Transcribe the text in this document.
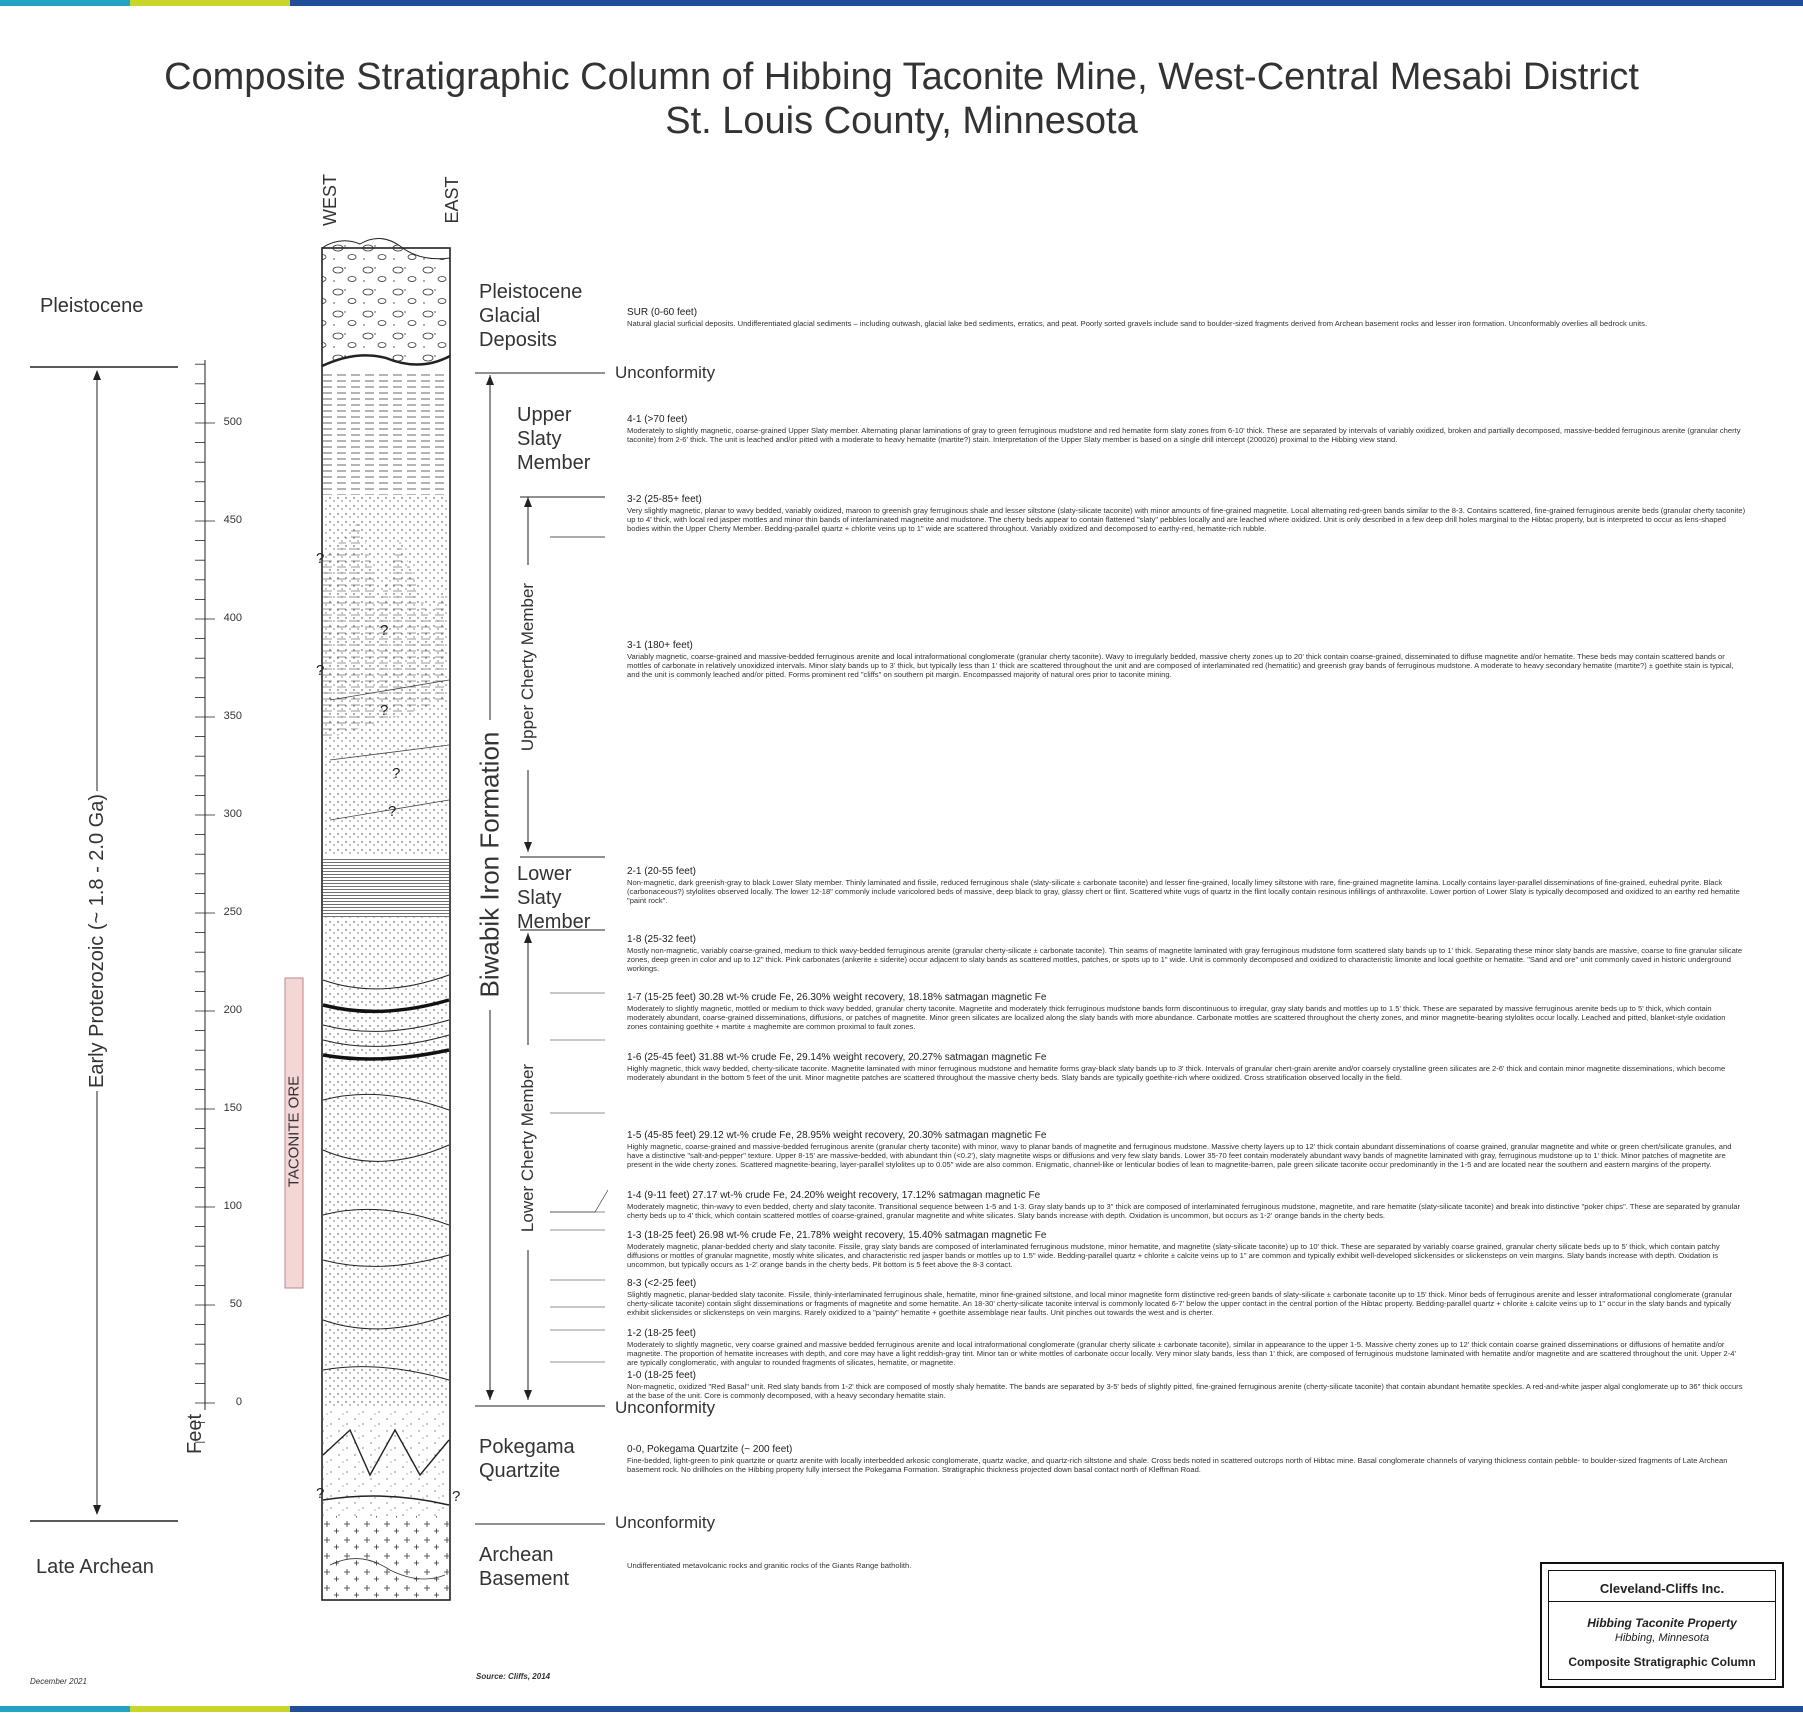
Composite Stratigraphic Column of Hibbing Taconite Mine, West-Central Mesabi District
St. Louis County, Minnesota
0
50
100
150
200
250
300
350
400
450
500
Feet
WEST	EAST
Pleistocene
Early Proterozoic (~ 1.8 - 2.0 Ga)
Late Archean
TACONITE ORE
Biwabik Iron Formation
Upper Cherty Member
Lower Cherty Member
Pleistocene
Glacial
Deposits
Upper
Slaty
Member
Lower
Slaty
Member
Pokegama
Quartzite
Archean
Basement
Unconformity
Unconformity
Unconformity
?
?
?
?
?
?
?	?
SUR (0-60 feet)
Natural glacial surficial deposits. Undifferentiated glacial sediments – including outwash, glacial lake bed sediments, erratics, and peat. Poorly sorted gravels include sand to boulder-sized fragments derived from Archean basement rocks and lesser iron formation. Unconformably overlies all bedrock units.
4-1 (>70 feet)
Moderately to slightly magnetic, coarse-grained Upper Slaty member. Alternating planar laminations of gray to green ferruginous mudstone and red hematite form slaty zones from 6-10' thick. These are separated by intervals of variably oxidized, broken and partially decomposed, massive-bedded ferruginous arenite (granular cherty taconite) from 2-6' thick. The unit is leached and/or pitted with a moderate to heavy hematite (martite?) stain. Interpretation of the Upper Slaty member is based on a single drill intercept (200026) proximal to the Hibbing view stand.
3-2 (25-85+ feet)
Very slightly magnetic, planar to wavy bedded, variably oxidized, maroon to greenish gray ferruginous shale and lesser siltstone (slaty-silicate taconite) with minor amounts of fine-grained magnetite. Local alternating red-green bands similar to the 8-3. Contains scattered, fine-grained ferruginous arenite beds (granular cherty taconite) up to 4' thick, with local red jasper mottles and minor thin bands of interlaminated magnetite and mudstone. The cherty beds appear to contain flattened "slaty" pebbles locally and are leached where oxidized. Unit is only described in a few deep drill holes marginal to the Hibtac property, but is interpreted to occur as lens-shaped bodies within the Upper Cherty Member. Bedding-parallel quartz + chlorite veins up to 1" wide are scattered throughout. Variably oxidized and decomposed to earthy-red, hematite-rich rubble.
3-1 (180+ feet)
Variably magnetic, coarse-grained and massive-bedded ferruginous arenite and local intraformational conglomerate (granular cherty taconite). Wavy to irregularly bedded, massive cherty zones up to 20' thick contain coarse-grained, disseminated to diffuse magnetite and/or hematite. These beds may contain scattered bands or mottles of carbonate in relatively unoxidized intervals. Minor slaty bands up to 3' thick, but typically less than 1' thick are scattered throughout the unit and are composed of interlaminated red (hematitic) and greenish gray bands of ferruginous mudstone. A moderate to heavy secondary hematite (martite?) ± goethite stain is typical, and the unit is commonly leached and/or pitted. Forms prominent red "cliffs" on southern pit margin. Encompassed majority of natural ores prior to taconite mining.
2-1 (20-55 feet)
Non-magnetic, dark greenish-gray to black Lower Slaty member. Thinly laminated and fissile, reduced ferruginous shale (slaty-silicate ± carbonate taconite) and lesser fine-grained, locally limey siltstone with rare, fine-grained magnetite lamina. Locally contains layer-parallel disseminations of fine-grained, euhedral pyrite. Black (carbonaceous?) stylolites observed locally. The lower 12-18" commonly include varicolored beds of massive, deep black to gray, glassy chert or flint. Scattered white vugs of quartz in the flint locally contain resinous infillings of anthraxolite. Lower portion of Lower Slaty is typically decomposed and oxidized to an earthy red hematite "paint rock".
1-8 (25-32 feet)
Mostly non-magnetic, variably coarse-grained, medium to thick wavy-bedded ferruginous arenite (granular cherty-silicate ± carbonate taconite). Thin seams of magnetite laminated with gray ferruginous mudstone form scattered slaty bands up to 1' thick. Separating these minor slaty bands are massive, coarse to fine granular silicate zones, deep green in color and up to 12" thick. Pink carbonates (ankerite ± siderite) occur adjacent to slaty bands as scattered mottles, patches, or spots up to 1" wide. Unit is commonly decomposed and oxidized to characteristic limonite and local goethite or hematite. "Sand and ore" unit commonly caved in historic underground workings.
1-7 (15-25 feet) 30.28 wt-% crude Fe, 26.30% weight recovery, 18.18% satmagan magnetic Fe
Moderately to slightly magnetic, mottled or medium to thick wavy bedded, granular cherty taconite. Magnetite and moderately thick ferruginous mudstone bands form discontinuous to irregular, gray slaty bands and mottles up to 1.5' thick. These are separated by massive ferruginous arenite beds up to 5' thick, which contain moderately abundant, coarse-grained disseminations, diffusions, or patches of magnetite. Minor green silicates are localized along the slaty bands with more abundance. Carbonate mottles are scattered throughout the cherty zones, and minor magnetite-bearing stylolites occur locally. Leached and pitted, blanket-style oxidation zones containing goethite + martite ± maghemite are common proximal to fault zones.
1-6 (25-45 feet) 31.88 wt-% crude Fe, 29.14% weight recovery, 20.27% satmagan magnetic Fe
Highly magnetic, thick wavy bedded, cherty-silicate taconite. Magnetite laminated with minor ferruginous mudstone and hematite forms gray-black slaty bands up to 3' thick. Intervals of granular chert-grain arenite and/or coarsely crystalline green silicates are 2-6' thick and contain minor magnetite disseminations, which become moderately abundant in the bottom 5 feet of the unit. Minor magnetite patches are scattered throughout the massive cherty beds. Slaty bands are typically goethite-rich where oxidized. Cross stratification observed locally in the field.
1-5 (45-85 feet) 29.12 wt-% crude Fe, 28.95% weight recovery, 20.30% satmagan magnetic Fe
Highly magnetic, coarse-grained and massive-bedded ferruginous arenite (granular cherty taconite) with minor, wavy to planar bands of magnetite and ferruginous mudstone. Massive cherty layers up to 12' thick contain abundant disseminations of coarse grained, granular magnetite and white or green chert/silicate granules, and have a distinctive "salt-and-pepper" texture. Upper 8-15' are massive-bedded, with abundant thin (<0.2'), slaty magnetite wisps or diffusions and very few slaty bands. Lower 35-70 feet contain moderately abundant wavy bands of magnetite laminated with gray, ferruginous mudstone up to 1' thick. Minor patches of magnetite are present in the wide cherty zones. Scattered magnetite-bearing, layer-parallel stylolites up to 0.05" wide are also common. Enigmatic, channel-like or lenticular bodies of lean to magnetite-barren, pale green silicate taconite occur predominantly in the 1-5 and are located near the southern and eastern margins of the property.
1-4 (9-11 feet) 27.17 wt-% crude Fe, 24.20% weight recovery, 17.12% satmagan magnetic Fe
Moderately magnetic, thin-wavy to even bedded, cherty and slaty taconite. Transitional sequence between 1-5 and 1-3. Gray slaty bands up to 3" thick are composed of interlaminated ferruginous mudstone, magnetite, and rare hematite (slaty-silicate taconite) and break into distinctive "poker chips". These are separated by granular cherty beds up to 4' thick, which contain scattered mottles of coarse-grained, granular magnetite and white silicates. Slaty bands increase with depth. Oxidation is uncommon, but occurs as 1-2' orange bands in the cherty beds.
1-3 (18-25 feet) 26.98 wt-% crude Fe, 21.78% weight recovery, 15.40% satmagan magnetic Fe
Moderately magnetic, planar-bedded cherty and slaty taconite. Fissile, gray slaty bands are composed of interlaminated ferruginous mudstone, minor hematite, and magnetite (slaty-silicate taconite) up to 10' thick. These are separated by variably coarse grained, granular cherty silicate beds up to 5' thick, which contain patchy diffusions or mottles of granular magnetite, mostly white silicates, and characteristic red jasper bands or mottles up to 1.5" wide. Bedding-parallel quartz + chlorite ± calcite veins up to 1" are common and typically exhibit well-developed slickensides or slickensteps on vein margins. Slaty bands increase with depth. Oxidation is uncommon, but typically occurs as 1-2' orange bands in the cherty beds. Pit bottom is 5 feet above the 8-3 contact.
8-3 (<2-25 feet)
Slightly magnetic, planar-bedded slaty taconite. Fissile, thinly-interlaminated ferruginous shale, hematite, minor fine-grained siltstone, and local minor magnetite form distinctive red-green bands of slaty-silicate ± carbonate taconite up to 15' thick. Minor beds of ferruginous arenite and lesser intraformational conglomerate (granular cherty-silicate taconite) contain slight disseminations or fragments of magnetite and some hematite. An 18-30' cherty-silicate taconite interval is commonly located 6-7' below the upper contact in the central portion of the Hibtac property. Bedding-parallel quartz + chlorite ± calcite veins up to 1" occur in the slaty bands and typically exhibit slickensides or slickensteps on vein margins. Rarely oxidized to a "painty" hematite + goethite assemblage near faults. Unit pinches out towards the west and is cherter.
1-2 (18-25 feet)
Moderately to slightly magnetic, very coarse grained and massive bedded ferruginous arenite and local intraformational conglomerate (granular cherty silicate ± carbonate taconite), similar in appearance to the upper 1-5. Massive cherty zones up to 12' thick contain coarse grained disseminations or diffusions of hematite and/or magnetite. The proportion of hematite increases with depth, and core may have a light reddish-gray tint. Minor tan or white mottles of carbonate occur locally. Very minor slaty bands, less than 1' thick, are composed of ferruginous mudstone laminated with hematite and/or magnetite and are scattered throughout the unit. Upper 2-4' are typically conglomeratic, with angular to rounded fragments of silicates, hematite, or magnetite.
1-0 (18-25 feet)
Non-magnetic, oxidized "Red Basal" unit. Red slaty bands from 1-2' thick are composed of mostly shaly hematite. The bands are separated by 3-5' beds of slightly pitted, fine-grained ferruginous arenite (cherty-silicate taconite) that contain abundant hematite speckles. A red-and-white jasper algal conglomerate up to 36" thick occurs at the base of the unit. Core is commonly decomposed, with a heavy secondary hematite stain.
0-0, Pokegama Quartzite (~ 200 feet)
Fine-bedded, light-green to pink quartzite or quartz arenite with locally interbedded arkosic conglomerate, quartz wacke, and quartz-rich siltstone and shale. Cross beds noted in scattered outcrops north of Hibtac mine. Basal conglomerate channels of varying thickness contain pebble- to boulder-sized fragments of Late Archean basement rock. No drillholes on the Hibbing property fully intersect the Pokegama Formation. Stratigraphic thickness projected down basal contact north of Kleffman Road.
Undifferentiated metavolcanic rocks and granitic rocks of the Giants Range batholith.
Cleveland-Cliffs Inc.
Hibbing Taconite Property
Hibbing, Minnesota
Composite Stratigraphic Column
December 2021
Source: Cliffs, 2014
